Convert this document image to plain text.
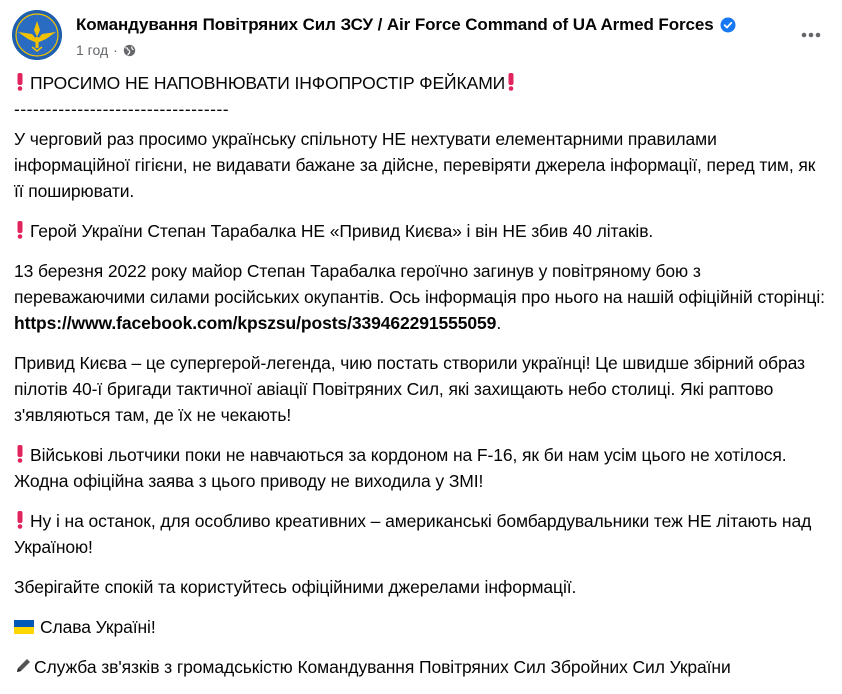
Командування Повітряних Сил ЗСУ / Air Force Command of UA Armed Forces
1 год ·
ПРОСИМО НЕ НАПОВНЮВАТИ ІНФОПРОСТІР ФЕЙКАМИ
----------------------------------

У черговий раз просимо українську спільноту НЕ нехтувати елементарними правилами інформаційної гігієни, не видавати бажане за дійсне, перевіряти джерела інформації, перед тим, як її поширювати.

Герой України Степан Тарабалка НЕ «Привид Києва» і він НЕ збив 40 літаків.

13 березня 2022 року майор Степан Тарабалка героїчно загинув у повітряному бою з переважаючими силами російських окупантів. Ось інформація про нього на нашій офіційній сторінці: https://www.facebook.com/kpszsu/posts/339462291555059.

Привид Києва – це супергерой-легенда, чию постать створили українці! Це швидше збірний образ пілотів 40-ї бригади тактичної авіації Повітряних Сил, які захищають небо столиці. Які раптово з'являються там, де їх не чекають!

Військові льотчики поки не навчаються за кордоном на F-16, як би нам усім цього не хотілося.
Жодна офіційна заява з цього приводу не виходила у ЗМІ!

Ну і на останок, для особливо креативних – американські бомбардувальники теж НЕ літають над Україною!

Зберігайте спокій та користуйтесь офіційними джерелами інформації.

Слава Україні!

Служба зв'язків з громадськістю Командування Повітряних Сил Збройних Сил України
